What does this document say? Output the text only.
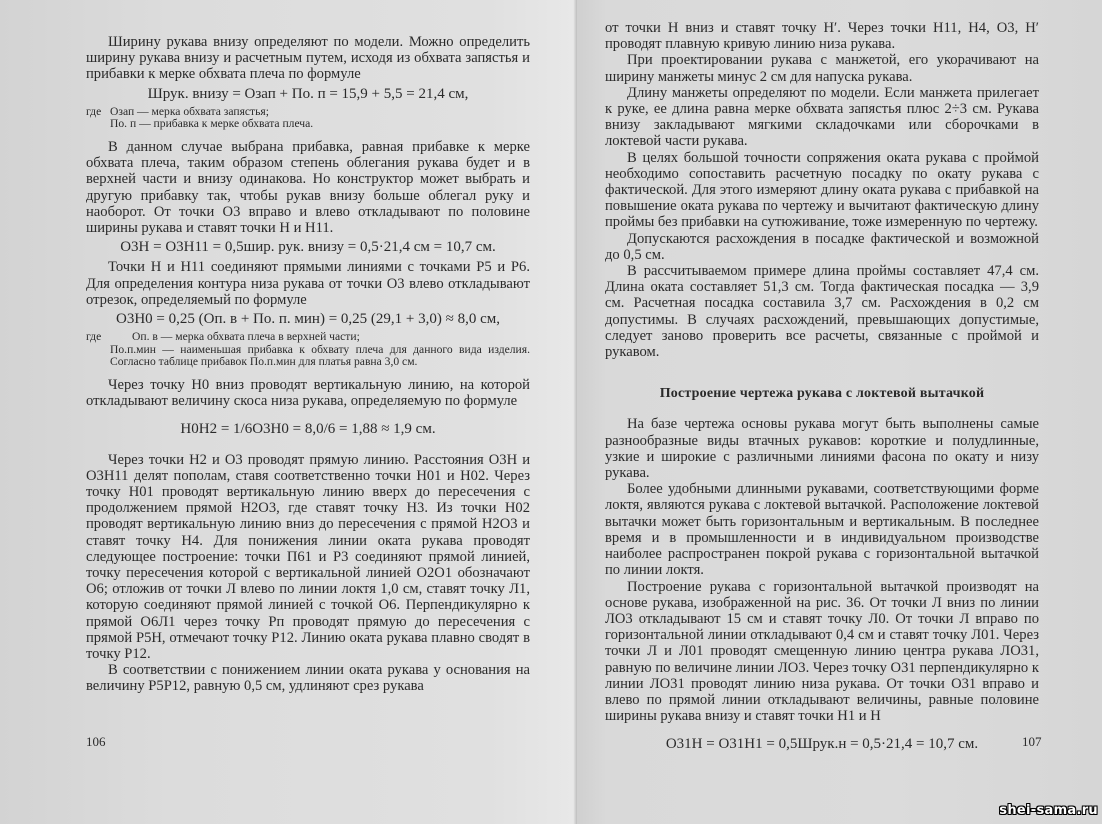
Ширину рукава внизу определяют по модели. Можно определить ширину рукава внизу и расчетным путем, исходя из обхвата запястья и прибавки к мерке обхвата плеча по формуле

Шрук. внизу = Озап + По. п = 15,9 + 5,5 = 21,4 см,
где Озап — мерка обхвата запястья;
По. п — прибавка к мерке обхвата плеча.

В данном случае выбрана прибавка, равная прибавке к мерке обхвата плеча, таким образом степень облегания рукава будет и в верхней части и внизу одинакова. Но конструктор может выбрать и другую прибавку так, чтобы рукав внизу больше облегал руку и наоборот. От точки О3 вправо и влево откладывают по половине ширины рукава и ставят точки Н и Н11.

О3Н = О3Н11 = 0,5шир. рук. внизу = 0,5·21,4 см = 10,7 см.

Точки Н и Н11 соединяют прямыми линиями с точками Р5 и Р6. Для определения контура низа рукава от точки О3 влево откладывают отрезок, определяемый по формуле

О3Н0 = 0,25 (Оп. в + По. п. мин) = 0,25 (29,1 + 3,0) ≈ 8,0 см,
где	Оп. в — мерка обхвата плеча в верхней части;
По.п.мин — наименьшая прибавка к обхвату плеча для данного вида изделия. Согласно таблице прибавок По.п.мин для платья равна 3,0 см.

Через точку Н0 вниз проводят вертикальную линию, на которой откладывают величину скоса низа рукава, определяемую по формуле

Н0Н2 = 1/6О3Н0 = 8,0/6 = 1,88 ≈ 1,9 см.

Через точки Н2 и О3 проводят прямую линию. Расстояния О3Н и О3Н11 делят пополам, ставя соответственно точки Н01 и Н02. Через точку Н01 проводят вертикальную линию вверх до пересечения с продолжением прямой Н2О3, где ставят точку Н3. Из точки Н02 проводят вертикальную линию вниз до пересечения с прямой Н2О3 и ставят точку Н4. Для понижения линии оката рукава проводят следующее построение: точки П61 и Р3 соединяют прямой линией, точку пересечения которой с вертикальной линией О2О1 обозначают О6; отложив от точки Л влево по линии локтя 1,0 см, ставят точку Л1, которую соединяют прямой линией с точкой О6. Перпендикулярно к прямой О6Л1 через точку Рп проводят прямую до пересечения с прямой Р5Н, отмечают точку Р12. Линию оката рукава плавно сводят в точку Р12.

В соответствии с понижением линии оката рукава у основания на величину Р5Р12, равную 0,5 см, удлиняют срез рукава

106

от точки Н вниз и ставят точку Н′. Через точки Н11, Н4, О3, Н′ проводят плавную кривую линию низа рукава.

При проектировании рукава с манжетой, его укорачивают на ширину манжеты минус 2 см для напуска рукава.

Длину манжеты определяют по модели. Если манжета прилегает к руке, ее длина равна мерке обхвата запястья плюс 2÷3 см. Рукава внизу закладывают мягкими складочками или сборочками в локтевой части рукава.

В целях большой точности сопряжения оката рукава с проймой необходимо сопоставить расчетную посадку по окату рукава с фактической. Для этого измеряют длину оката рукава с прибавкой на повышение оката рукава по чертежу и вычитают фактическую длину проймы без прибавки на сутюживание, тоже измеренную по чертежу.

Допускаются расхождения в посадке фактической и возможной до 0,5 см.

В рассчитываемом примере длина проймы составляет 47,4 см. Длина оката составляет 51,3 см. Тогда фактическая посадка — 3,9 см. Расчетная посадка составила 3,7 см. Расхождения в 0,2 см допустимы. В случаях расхождений, превышающих допустимые, следует заново проверить все расчеты, связанные с проймой и рукавом.

Построение чертежа рукава с локтевой вытачкой

На базе чертежа основы рукава могут быть выполнены самые разнообразные виды втачных рукавов: короткие и полудлинные, узкие и широкие с различными линиями фасона по окату и низу рукава.

Более удобными длинными рукавами, соответствующими форме локтя, являются рукава с локтевой вытачкой. Расположение локтевой вытачки может быть горизонтальным и вертикальным. В последнее время и в промышленности и в индивидуальном производстве наиболее распространен покрой рукава с горизонтальной вытачкой по линии локтя.

Построение рукава с горизонтальной вытачкой производят на основе рукава, изображенной на рис. 36. От точки Л вниз по линии ЛО3 откладывают 15 см и ставят точку Л0. От точки Л вправо по горизонтальной линии откладывают 0,4 см и ставят точку Л01. Через точки Л и Л01 проводят смещенную линию центра рукава ЛО31, равную по величине линии ЛО3. Через точку О31 перпендикулярно к линии ЛО31 проводят линию низа рукава. От точки О31 вправо и влево по прямой линии откладывают величины, равные половине ширины рукава внизу и ставят точки Н1 и Н

О31Н = О31Н1 = 0,5Шрук.н = 0,5·21,4 = 10,7 см.	107
shei-sama.ru
